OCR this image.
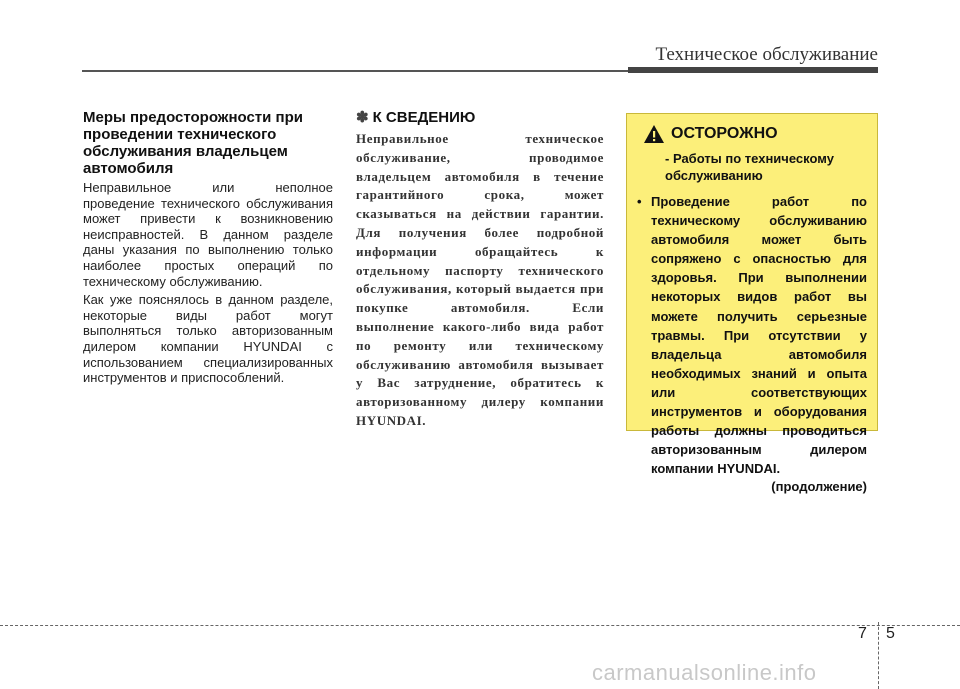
Техническое обслуживание
Меры предосторожности при проведении технического обслуживания владельцем автомобиля

Неправильное или неполное проведение технического обслуживания может привести к возникновению неисправностей. В данном разделе даны указания по выполнению только наиболее простых операций по техническому обслуживанию.

Как уже пояснялось в данном разделе, некоторые виды работ могут выполняться только авторизованным дилером компании HYUNDAI с использованием специализированных инструментов и приспособлений.

✽ К СВЕДЕНИЮ
Неправильное техническое обслуживание, проводимое владельцем автомобиля в течение гарантийного срока, может сказываться на действии гарантии. Для получения более подробной информации обращайтесь к отдельному паспорту технического обслуживания, который выдается при покупке автомобиля. Если выполнение какого-либо вида работ по ремонту или техническому обслуживанию автомобиля вызывает у Вас затруднение, обратитесь к авторизованному дилеру компании HYUNDAI.
ОСТОРОЖНО
- Работы по техническому обслуживанию
• Проведение работ по техническому обслуживанию автомобиля может быть сопряжено с опасностью для здоровья. При выполнении некоторых видов работ вы можете получить серьезные травмы. При отсутствии у владельца автомобиля необходимых знаний и опыта или соответствующих инструментов и оборудования работы должны проводиться авторизованным дилером компании HYUNDAI.
(продолжение)
7 5
carmanualsonline.info
